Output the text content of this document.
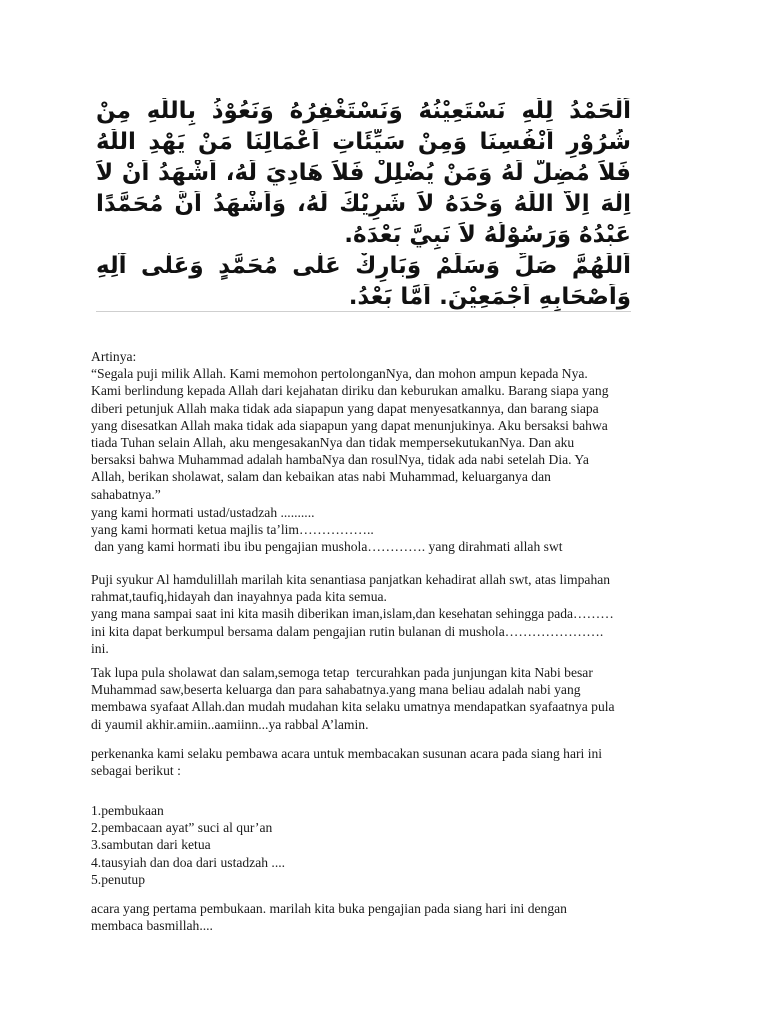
اَلْحَمْدُ لِلّٰهِ نَسْتَعِيْنُهُ وَنَسْتَغْفِرُهُ وَنَعُوْذُ بِاللّٰهِ مِنْ
شُرُوْرِ اَنْفُسِنَا وَمِنْ سَيِّئَاتِ اَعْمَالِنَا مَنْ يَهْدِ اللّٰهُ
فَلاَ مُضِلَّ لَهُ وَمَنْ يُضْلِلْ فَلاَ هَادِيَ لَهُ، اَشْهَدُ اَنْ لاَ
اِلٰهَ اِلاَّ اللّٰهُ وَحْدَهُ لاَ شَرِيْكَ لَهُ، وَاَشْهَدُ اَنَّ مُحَمَّدًا
عَبْدُهُ وَرَسُوْلُهُ لاَ نَبِيَّ بَعْدَهُ.
اَللّٰهُمَّ صَلِّ وَسَلِّمْ وَبَارِكْ عَلٰى مُحَمَّدٍ وَعَلٰى آلِهِ
وَاَصْحَابِهِ اَجْمَعِيْنَ. اَمَّا بَعْدُ.
Artinya:
“Segala puji milik Allah. Kami memohon pertolonganNya, dan mohon ampun kepada Nya.
Kami berlindung kepada Allah dari kejahatan diriku dan keburukan amalku. Barang siapa yang
diberi petunjuk Allah maka tidak ada siapapun yang dapat menyesatkannya, dan barang siapa
yang disesatkan Allah maka tidak ada siapapun yang dapat menunjukinya. Aku bersaksi bahwa
tiada Tuhan selain Allah, aku mengesakanNya dan tidak mempersekutukanNya. Dan aku
bersaksi bahwa Muhammad adalah hambaNya dan rosulNya, tidak ada nabi setelah Dia. Ya
Allah, berikan sholawat, salam dan kebaikan atas nabi Muhammad, keluarganya dan
sahabatnya.”
yang kami hormati ustad/ustadzah ..........
yang kami hormati ketua majlis ta’lim……………..
dan yang kami hormati ibu ibu pengajian mushola…………. yang dirahmati allah swt
Puji syukur Al hamdulillah marilah kita senantiasa panjatkan kehadirat allah swt, atas limpahan
rahmat,taufiq,hidayah dan inayahnya pada kita semua.
yang mana sampai saat ini kita masih diberikan iman,islam,dan kesehatan sehingga pada………
ini kita dapat berkumpul bersama dalam pengajian rutin bulanan di mushola………………….
ini.
Tak lupa pula sholawat dan salam,semoga tetap  tercurahkan pada junjungan kita Nabi besar
Muhammad saw,beserta keluarga dan para sahabatnya.yang mana beliau adalah nabi yang
membawa syafaat Allah.dan mudah mudahan kita selaku umatnya mendapatkan syafaatnya pula
di yaumil akhir.amiin..aamiinn...ya rabbal A’lamin.
perkenanka kami selaku pembawa acara untuk membacakan susunan acara pada siang hari ini
sebagai berikut :
1.pembukaan
2.pembacaan ayat” suci al qur’an
3.sambutan dari ketua
4.tausyiah dan doa dari ustadzah ....
5.penutup
acara yang pertama pembukaan. marilah kita buka pengajian pada siang hari ini dengan
membaca basmillah....
